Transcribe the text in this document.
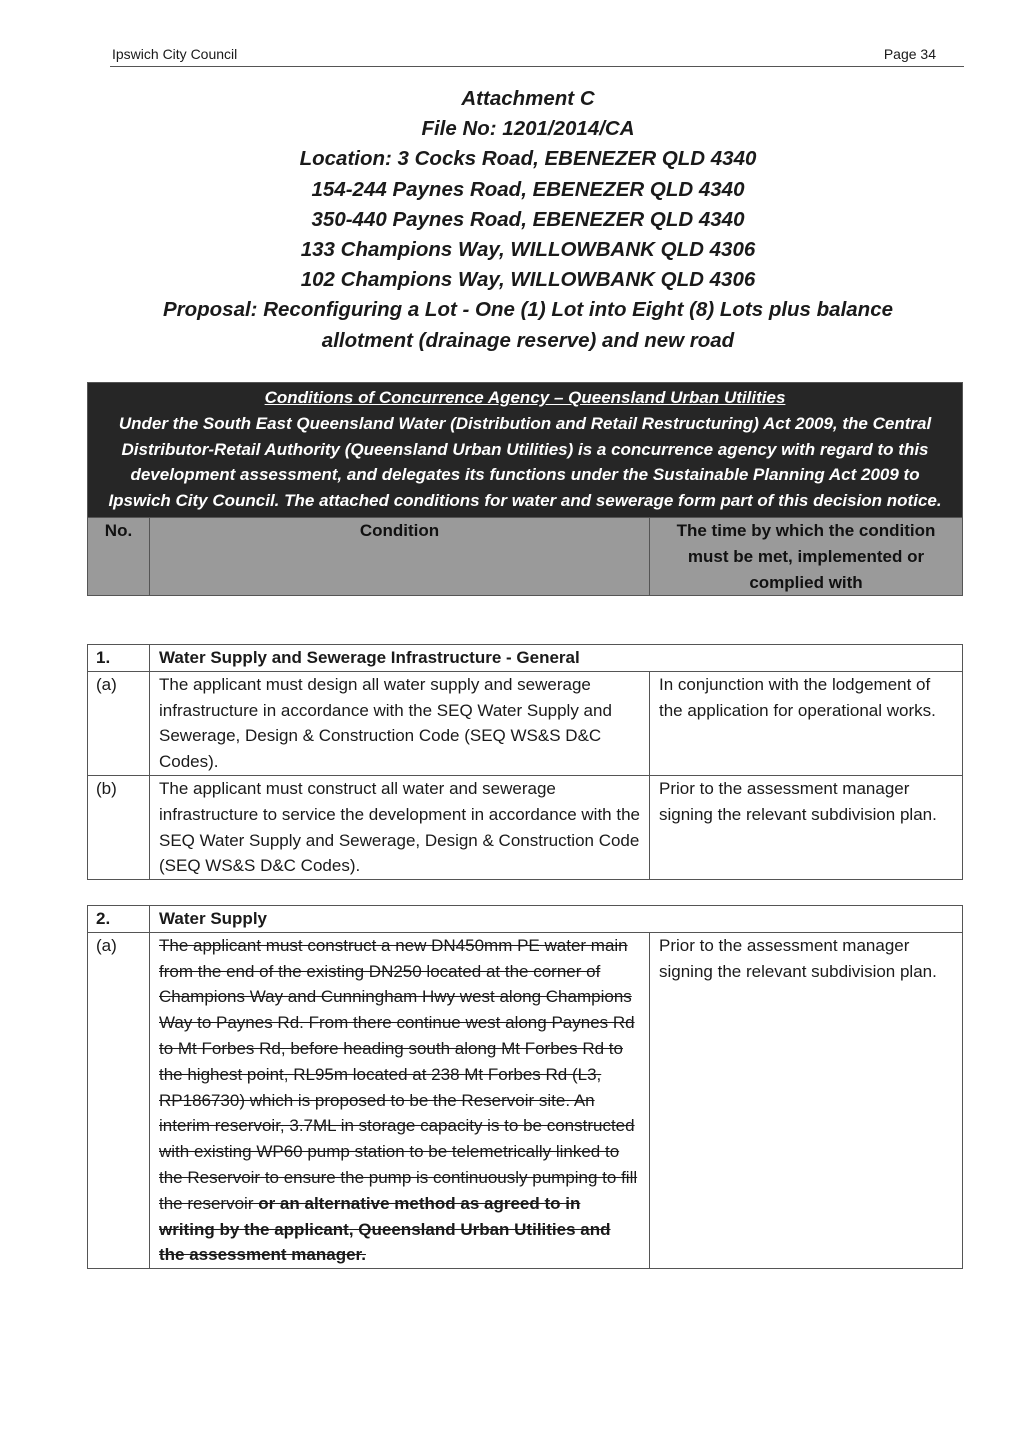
Ipswich City Council	Page 34
Attachment C
File No: 1201/2014/CA
Location: 3 Cocks Road, EBENEZER QLD 4340
154-244 Paynes Road, EBENEZER QLD 4340
350-440 Paynes Road, EBENEZER QLD 4340
133 Champions Way, WILLOWBANK QLD 4306
102 Champions Way, WILLOWBANK QLD 4306
Proposal: Reconfiguring a Lot - One (1) Lot into Eight (8) Lots plus balance allotment (drainage reserve) and new road
Conditions of Concurrence Agency – Queensland Urban Utilities
Under the South East Queensland Water (Distribution and Retail Restructuring) Act 2009, the Central Distributor-Retail Authority (Queensland Urban Utilities) is a concurrence agency with regard to this development assessment, and delegates its functions under the Sustainable Planning Act 2009 to Ipswich City Council. The attached conditions for water and sewerage form part of this decision notice.

No.	Condition	The time by which the condition must be met, implemented or complied with
1.	Water Supply and Sewerage Infrastructure - General	
(a)	The applicant must design all water supply and sewerage infrastructure in accordance with the SEQ Water Supply and Sewerage, Design & Construction Code (SEQ WS&S D&C Codes).	In conjunction with the lodgement of the application for operational works.
(b)	The applicant must construct all water and sewerage infrastructure to service the development in accordance with the SEQ Water Supply and Sewerage, Design & Construction Code (SEQ WS&S D&C Codes).	Prior to the assessment manager signing the relevant subdivision plan.
2.	Water Supply	
(a)	The applicant must construct a new DN450mm PE water main from the end of the existing DN250 located at the corner of Champions Way and Cunningham Hwy west along Champions Way to Paynes Rd. From there continue west along Paynes Rd to Mt Forbes Rd, before heading south along Mt Forbes Rd to the highest point, RL95m located at 238 Mt Forbes Rd (L3, RP186730) which is proposed to be the Reservoir site. An interim reservoir, 3.7ML in storage capacity is to be constructed with existing WP60 pump station to be telemetrically linked to the Reservoir to ensure the pump is continuously pumping to fill the reservoir or an alternative method as agreed to in writing by the applicant, Queensland Urban Utilities and the assessment manager.	Prior to the assessment manager signing the relevant subdivision plan.
